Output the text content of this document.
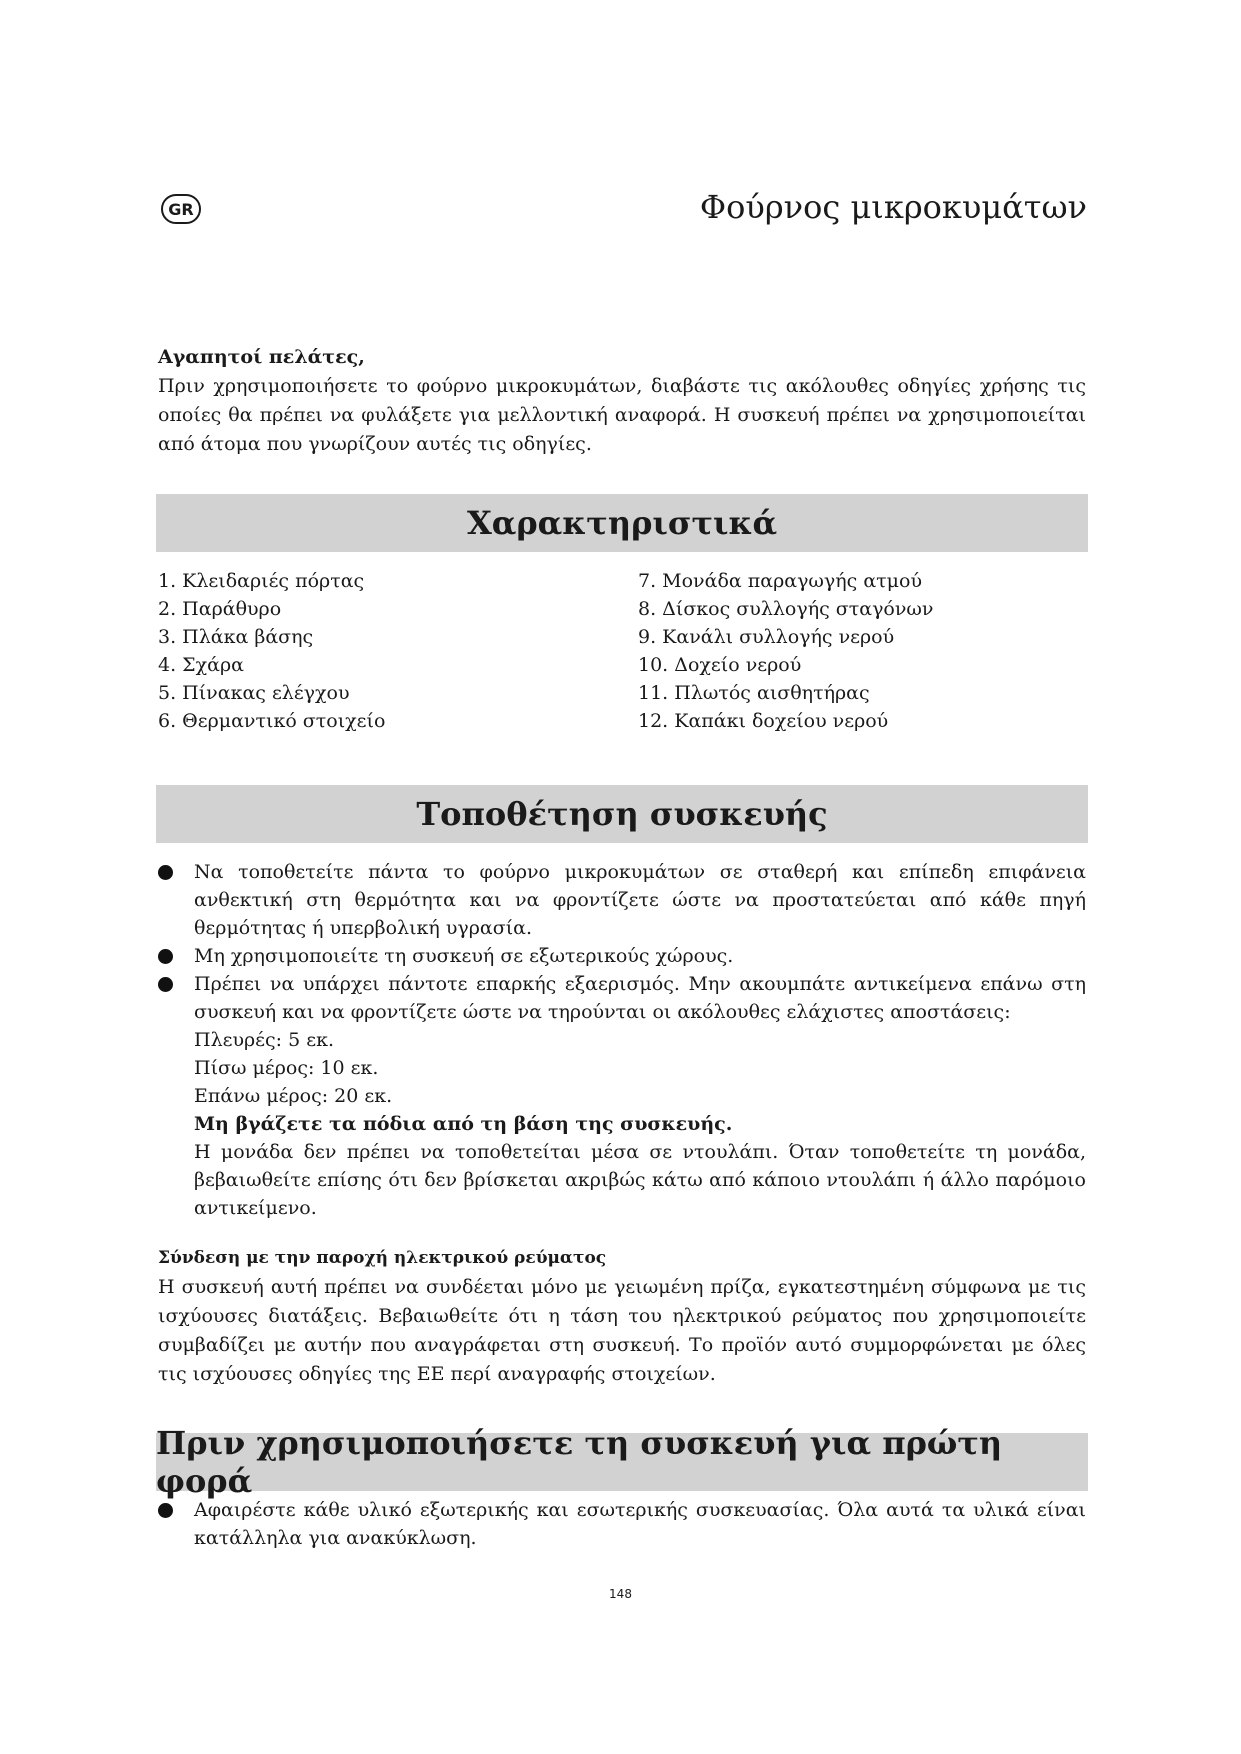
GR	Φούρνος μικροκυμάτων

Αγαπητοί πελάτες,

Πριν χρησιμοποιήσετε το φούρνο μικροκυμάτων, διαβάστε τις ακόλουθες οδηγίες χρήσης τις οποίες θα πρέπει να φυλάξετε για μελλοντική αναφορά. Η συσκευή πρέπει να χρησιμοποιείται από άτομα που γνωρίζουν αυτές τις οδηγίες.

Χαρακτηριστικά
1. Κλειδαριές πόρτας	7. Μονάδα παραγωγής ατμού
2. Παράθυρο	8. Δίσκος συλλογής σταγόνων
3. Πλάκα βάσης	9. Κανάλι συλλογής νερού
4. Σχάρα	10. Δοχείο νερού
5. Πίνακας ελέγχου	11. Πλωτός αισθητήρας
6. Θερμαντικό στοιχείο	12. Καπάκι δοχείου νερού
Τοποθέτηση συσκευής

Να τοποθετείτε πάντα το φούρνο μικροκυμάτων σε σταθερή και επίπεδη επιφάνεια ανθεκτική στη θερμότητα και να φροντίζετε ώστε να προστατεύεται από κάθε πηγή θερμότητας ή υπερβολική υγρασία.

Μη χρησιμοποιείτε τη συσκευή σε εξωτερικούς χώρους.

Πρέπει να υπάρχει πάντοτε επαρκής εξαερισμός. Μην ακουμπάτε αντικείμενα επάνω στη συσκευή και να φροντίζετε ώστε να τηρούνται οι ακόλουθες ελάχιστες αποστάσεις:

Πλευρές: 5 εκ.

Πίσω μέρος: 10 εκ.

Επάνω μέρος: 20 εκ.

Μη βγάζετε τα πόδια από τη βάση της συσκευής.

Η μονάδα δεν πρέπει να τοποθετείται μέσα σε ντουλάπι. Όταν τοποθετείτε τη μονάδα, βεβαιωθείτε επίσης ότι δεν βρίσκεται ακριβώς κάτω από κάποιο ντουλάπι ή άλλο παρόμοιο αντικείμενο.

Σύνδεση με την παροχή ηλεκτρικού ρεύματος

Η συσκευή αυτή πρέπει να συνδέεται μόνο με γειωμένη πρίζα, εγκατεστημένη σύμφωνα με τις ισχύουσες διατάξεις. Βεβαιωθείτε ότι η τάση του ηλεκτρικού ρεύματος που χρησιμοποιείτε συμβαδίζει με αυτήν που αναγράφεται στη συσκευή. Το προϊόν αυτό συμμορφώνεται με όλες τις ισχύουσες οδηγίες της ΕΕ περί αναγραφής στοιχείων.

Πριν χρησιμοποιήσετε τη συσκευή για πρώτη φορά
Αφαιρέστε κάθε υλικό εξωτερικής και εσωτερικής συσκευασίας. Όλα αυτά τα υλικά είναι κατάλληλα για ανακύκλωση.
148
